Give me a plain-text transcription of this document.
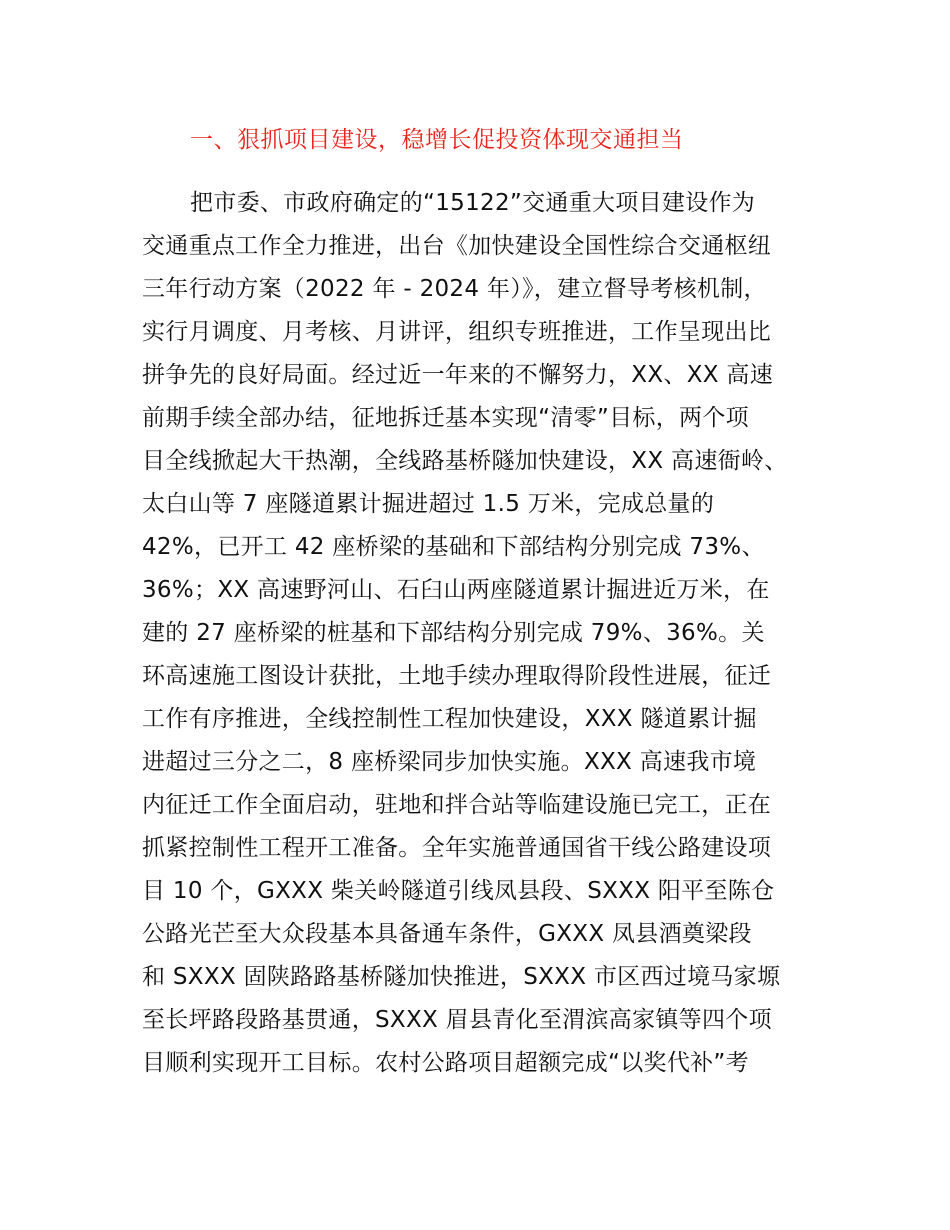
一、狠抓项目建设，稳增长促投资体现交通担当
把市委、市政府确定的“15122”交通重大项目建设作为
交通重点工作全力推进，出台《加快建设全国性综合交通枢纽
三年行动方案（2022 年 - 2024 年）》，建立督导考核机制，
实行月调度、月考核、月讲评，组织专班推进，工作呈现出比
拼争先的良好局面。经过近一年来的不懈努力，XX、XX 高速
前期手续全部办结，征地拆迁基本实现“清零”目标，两个项
目全线掀起大干热潮，全线路基桥隧加快建设，XX 高速衙岭、
太白山等 7 座隧道累计掘进超过 1.5 万米，完成总量的
42%，已开工 42 座桥梁的基础和下部结构分别完成 73%、
36%；XX 高速野河山、石臼山两座隧道累计掘进近万米，在
建的 27 座桥梁的桩基和下部结构分别完成 79%、36%。关
环高速施工图设计获批，土地手续办理取得阶段性进展，征迁
工作有序推进，全线控制性工程加快建设，XXX 隧道累计掘
进超过三分之二，8 座桥梁同步加快实施。XXX 高速我市境
内征迁工作全面启动，驻地和拌合站等临建设施已完工，正在
抓紧控制性工程开工准备。全年实施普通国省干线公路建设项
目 10 个，GXXX 柴关岭隧道引线凤县段、SXXX 阳平至陈仓
公路光芒至大众段基本具备通车条件，GXXX 凤县酒奠梁段
和 SXXX 固陕路路基桥隧加快推进，SXXX 市区西过境马家塬
至长坪路段路基贯通，SXXX 眉县青化至渭滨高家镇等四个项
目顺利实现开工目标。农村公路项目超额完成“以奖代补”考
